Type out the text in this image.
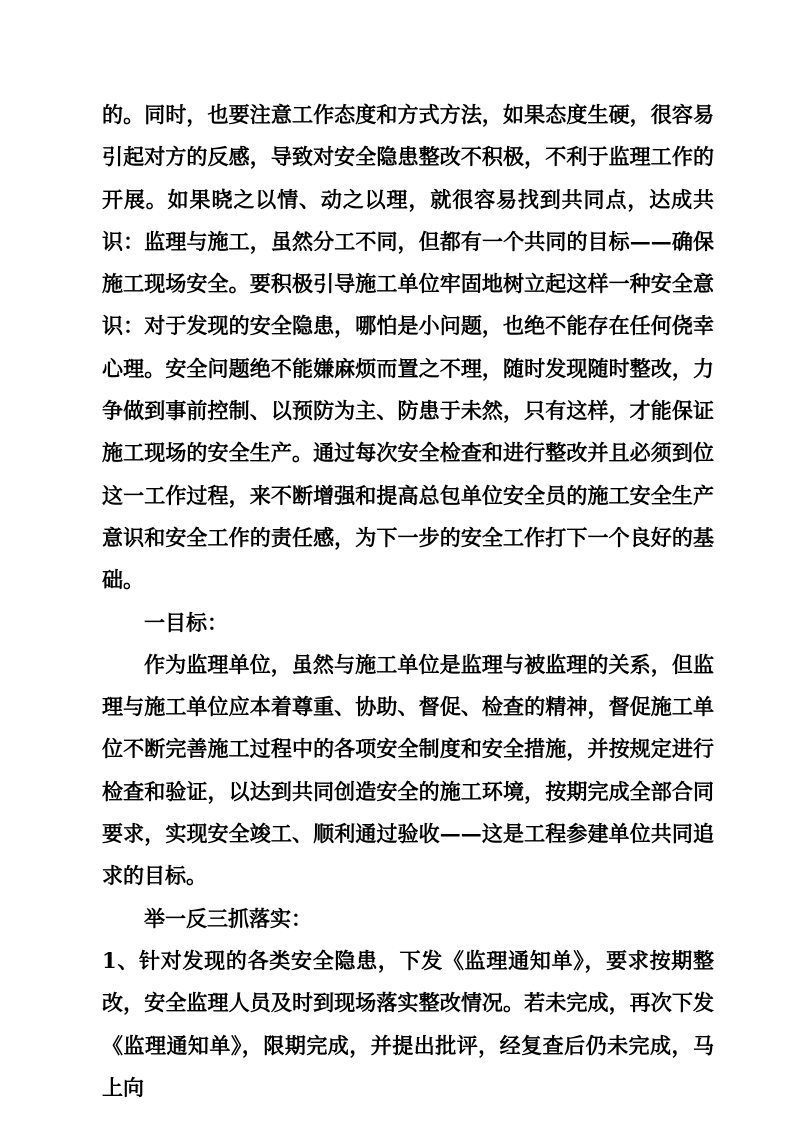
的。同时，也要注意工作态度和方式方法，如果态度生硬，很容易引起对方的反感，导致对安全隐患整改不积极，不利于监理工作的开展。如果晓之以情、动之以理，就很容易找到共同点，达成共识：监理与施工，虽然分工不同，但都有一个共同的目标——确保施工现场安全。要积极引导施工单位牢固地树立起这样一种安全意识：对于发现的安全隐患，哪怕是小问题，也绝不能存在任何侥幸心理。安全问题绝不能嫌麻烦而置之不理，随时发现随时整改，力争做到事前控制、以预防为主、防患于未然，只有这样，才能保证施工现场的安全生产。通过每次安全检查和进行整改并且必须到位这一工作过程，来不断增强和提高总包单位安全员的施工安全生产意识和安全工作的责任感，为下一步的安全工作打下一个良好的基础。

一目标：

作为监理单位，虽然与施工单位是监理与被监理的关系，但监理与施工单位应本着尊重、协助、督促、检查的精神，督促施工单位不断完善施工过程中的各项安全制度和安全措施，并按规定进行检查和验证，以达到共同创造安全的施工环境，按期完成全部合同要求，实现安全竣工、顺利通过验收——这是工程参建单位共同追求的目标。

举一反三抓落实：

1、针对发现的各类安全隐患，下发《监理通知单》，要求按期整改，安全监理人员及时到现场落实整改情况。若未完成，再次下发《监理通知单》，限期完成，并提出批评，经复查后仍未完成，马上向
